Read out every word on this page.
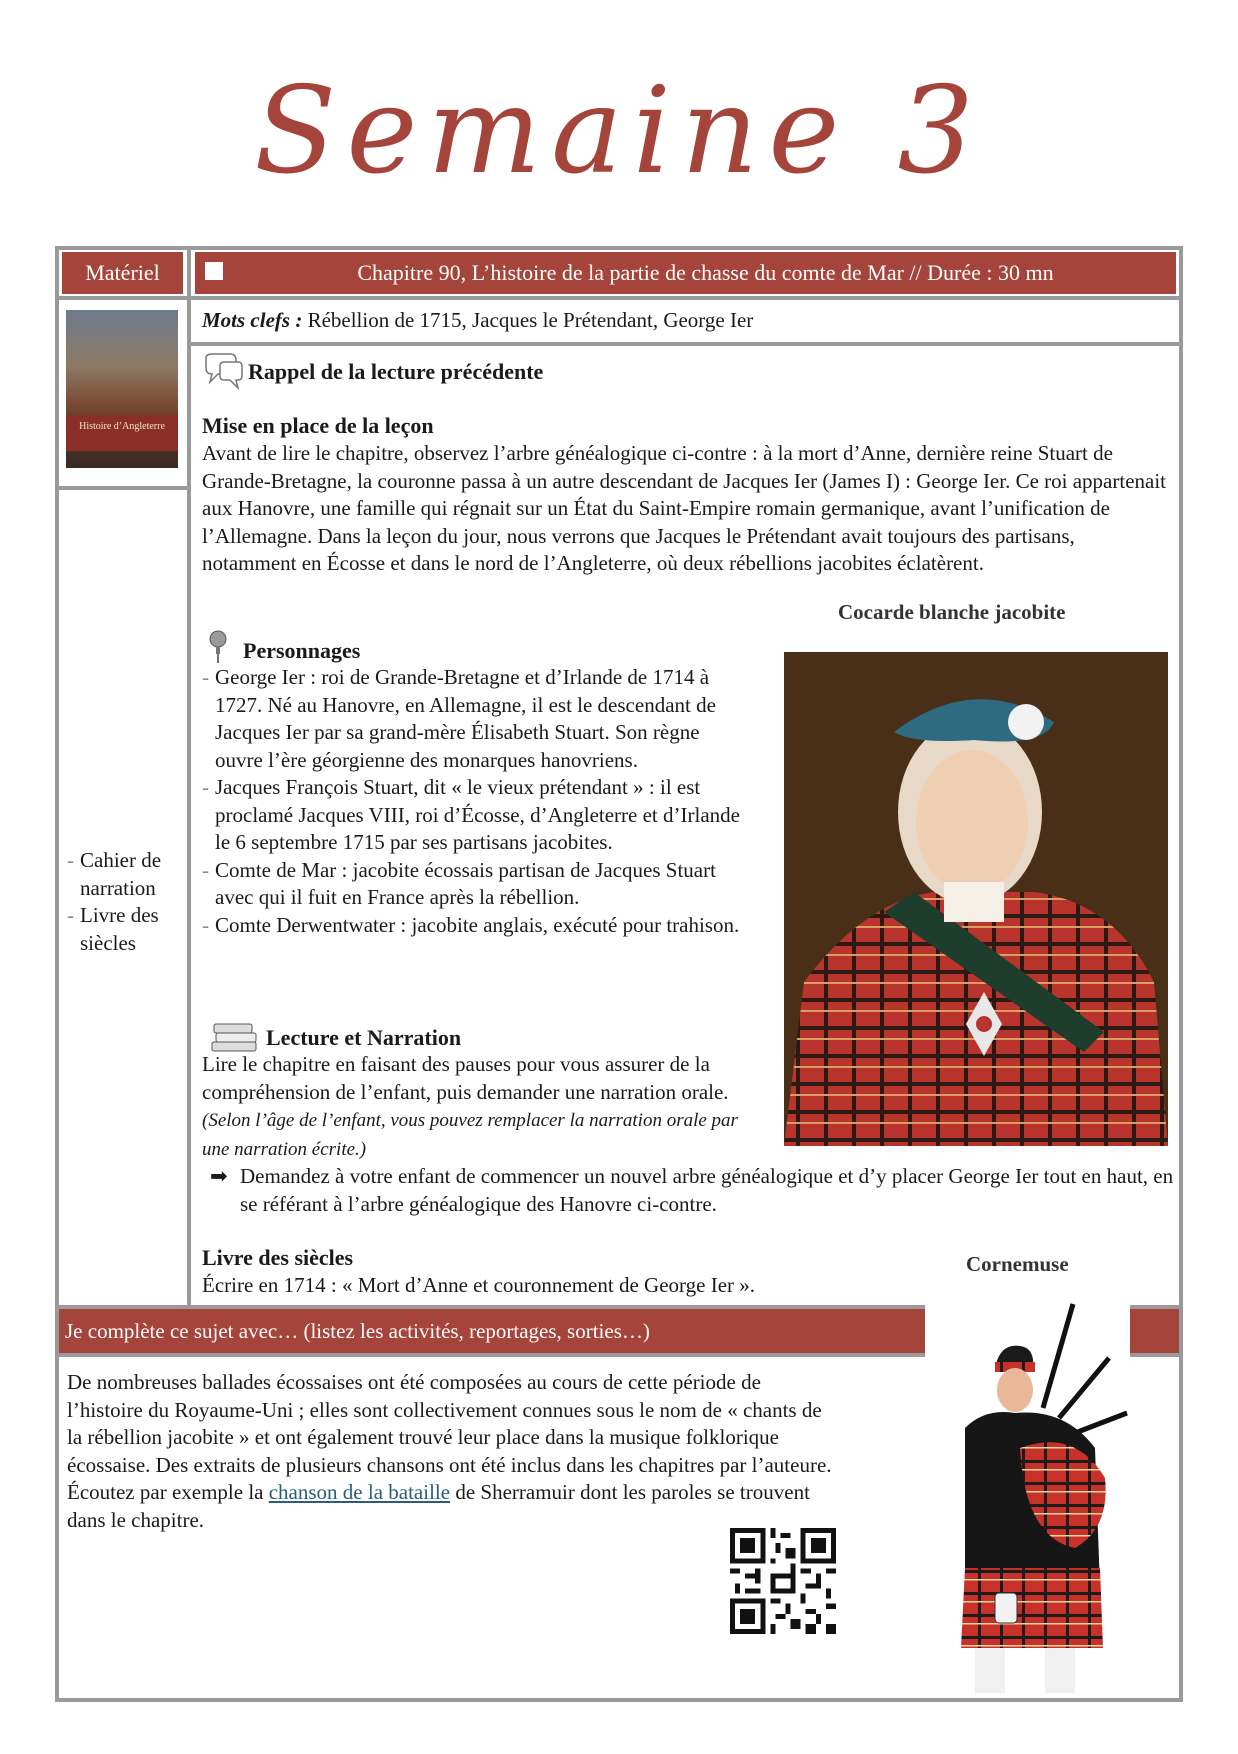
Semaine 3
Matériel	Chapitre 90, L’histoire de la partie de chasse du comte de Mar // Durée : 30 mn
Histoire d’Angleterre
- Cahier de narration
- Livre des siècles
Mots clefs : Rébellion de 1715, Jacques le Prétendant, George Ier
Rappel de la lecture précédente
Mise en place de la leçon
Avant de lire le chapitre, observez l’arbre généalogique ci-contre : à la mort d’Anne, dernière reine Stuart de Grande-Bretagne, la couronne passa à un autre descendant de Jacques Ier (James I) : George Ier. Ce roi appartenait aux Hanovre, une famille qui régnait sur un État du Saint-Empire romain germanique, avant l’unification de l’Allemagne. Dans la leçon du jour, nous verrons que Jacques le Prétendant avait toujours des partisans, notamment en Écosse et dans le nord de l’Angleterre, où deux rébellions jacobites éclatèrent.
Cocarde blanche jacobite
Personnages
- George Ier : roi de Grande-Bretagne et d’Irlande de 1714 à 1727. Né au Hanovre, en Allemagne, il est le descendant de Jacques Ier par sa grand-mère Élisabeth Stuart. Son règne ouvre l’ère géorgienne des monarques hanovriens.
- Jacques François Stuart, dit « le vieux prétendant » : il est proclamé Jacques VIII, roi d’Écosse, d’Angleterre et d’Irlande le 6 septembre 1715 par ses partisans jacobites.
- Comte de Mar : jacobite écossais partisan de Jacques Stuart avec qui il fuit en France après la rébellion.
- Comte Derwentwater : jacobite anglais, exécuté pour trahison.
Lecture et Narration
Lire le chapitre en faisant des pauses pour vous assurer de la compréhension de l’enfant, puis demander une narration orale. (Selon l’âge de l’enfant, vous pouvez remplacer la narration orale par une narration écrite.)
➡ Demandez à votre enfant de commencer un nouvel arbre généalogique et d’y placer George Ier tout en haut, en se référant à l’arbre généalogique des Hanovre ci-contre.
Livre des siècles
Écrire en 1714 : « Mort d’Anne et couronnement de George Ier ».
Cornemuse
Je complète ce sujet avec… (listez les activités, reportages, sorties…)
De nombreuses ballades écossaises ont été composées au cours de cette période de l’histoire du Royaume-Uni ; elles sont collectivement connues sous le nom de « chants de la rébellion jacobite » et ont également trouvé leur place dans la musique folklorique écossaise. Des extraits de plusieurs chansons ont été inclus dans les chapitres par l’auteure. Écoutez par exemple la chanson de la bataille de Sherramuir dont les paroles se trouvent dans le chapitre.
